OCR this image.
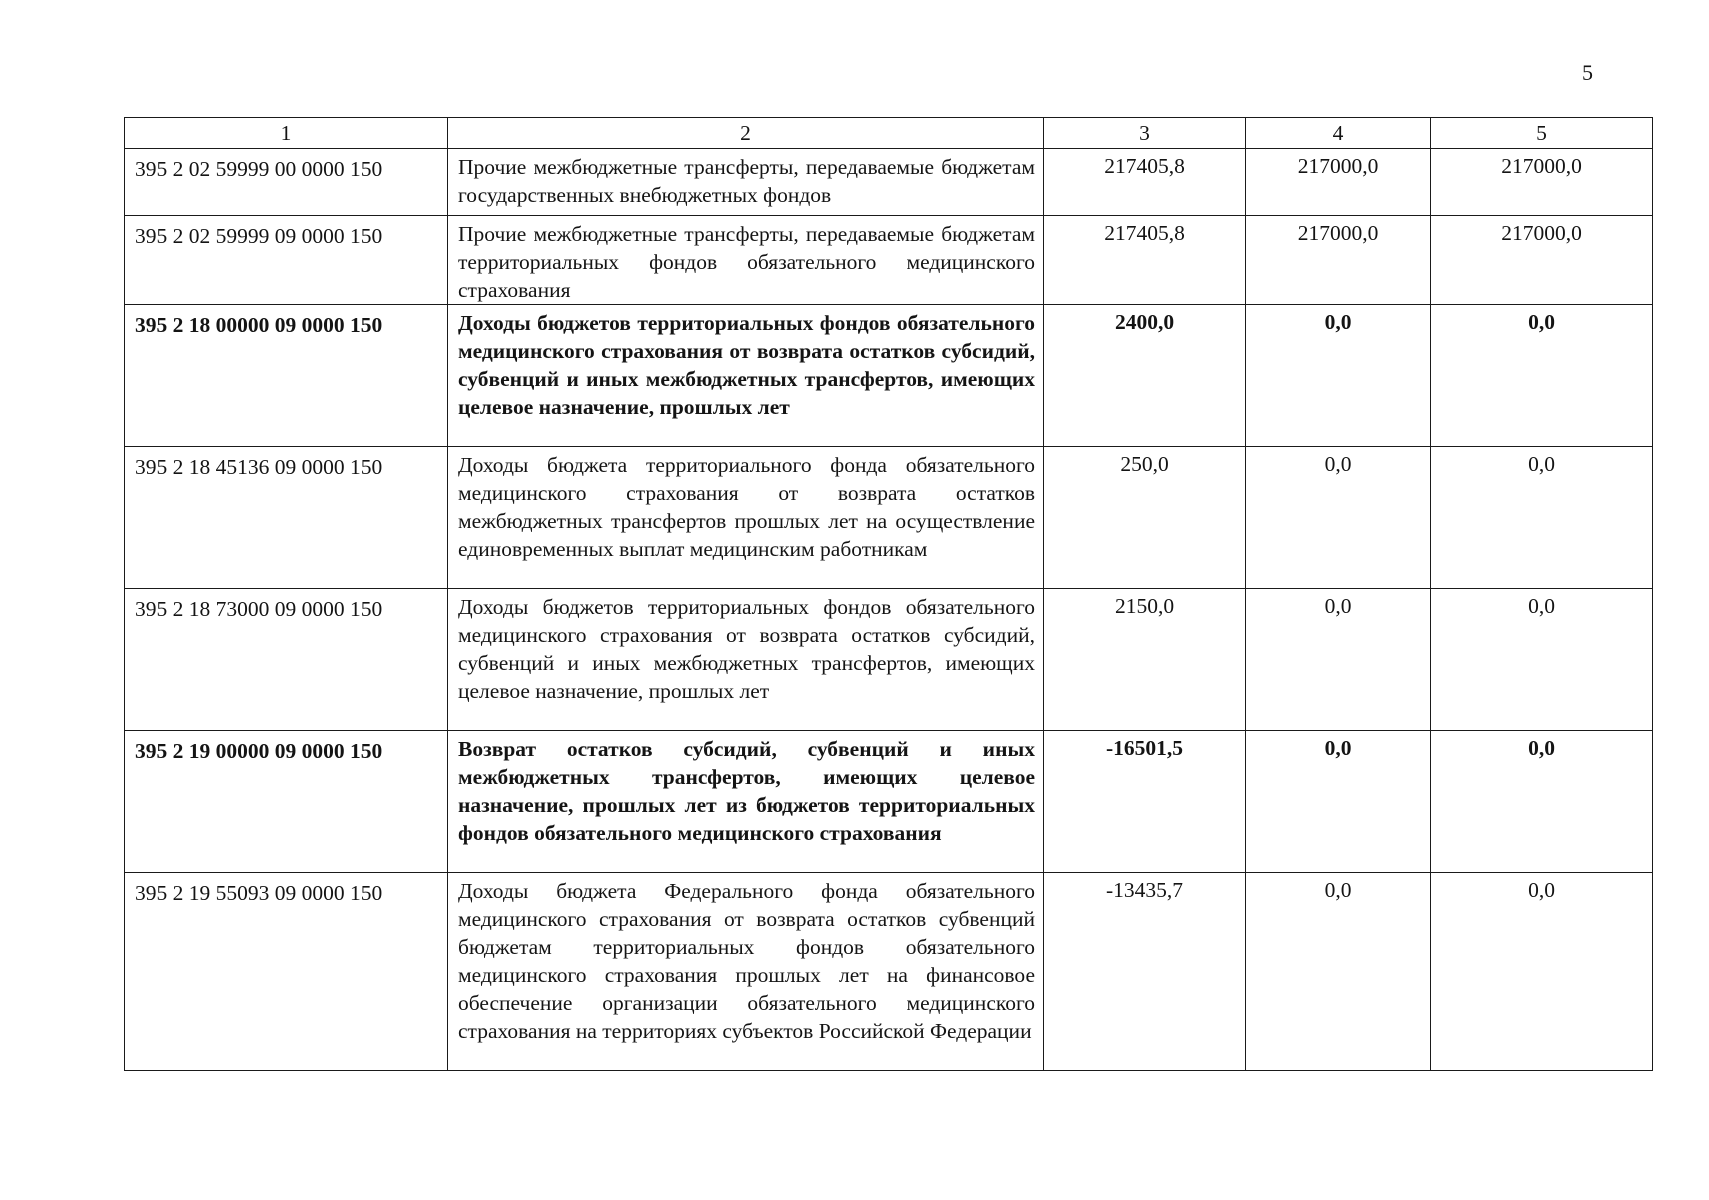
5
1	2	3	4	5
395 2 02 59999 00 0000 150	Прочие межбюджетные трансферты, передаваемые бюджетам государственных внебюджетных фондов	217405,8	217000,0	217000,0
395 2 02 59999 09 0000 150	Прочие межбюджетные трансферты, передаваемые бюджетам территориальных фондов обязательного медицинского страхования	217405,8	217000,0	217000,0
395 2 18 00000 09 0000 150	Доходы бюджетов территориальных фондов обязательного медицинского страхования от возврата остатков субсидий, субвенций и иных межбюджетных трансфертов, имеющих целевое назначение, прошлых лет	2400,0	0,0	0,0
395 2 18 45136 09 0000 150	Доходы бюджета территориального фонда обязательного медицинского страхования от возврата остатков межбюджетных трансфертов прошлых лет на осуществление единовременных выплат медицинским работникам	250,0	0,0	0,0
395 2 18 73000 09 0000 150	Доходы бюджетов территориальных фондов обязательного медицинского страхования от возврата остатков субсидий, субвенций и иных межбюджетных трансфертов, имеющих целевое назначение, прошлых лет	2150,0	0,0	0,0
395 2 19 00000 09 0000 150	Возврат остатков субсидий, субвенций и иных межбюджетных трансфертов, имеющих целевое назначение, прошлых лет из бюджетов территориальных фондов обязательного медицинского страхования	-16501,5	0,0	0,0
395 2 19 55093 09 0000 150	Доходы бюджета Федерального фонда обязательного медицинского страхования от возврата остатков субвенций бюджетам территориальных фондов обязательного медицинского страхования прошлых лет на финансовое обеспечение организации обязательного медицинского страхования на территориях субъектов Российской Федерации	-13435,7	0,0	0,0
